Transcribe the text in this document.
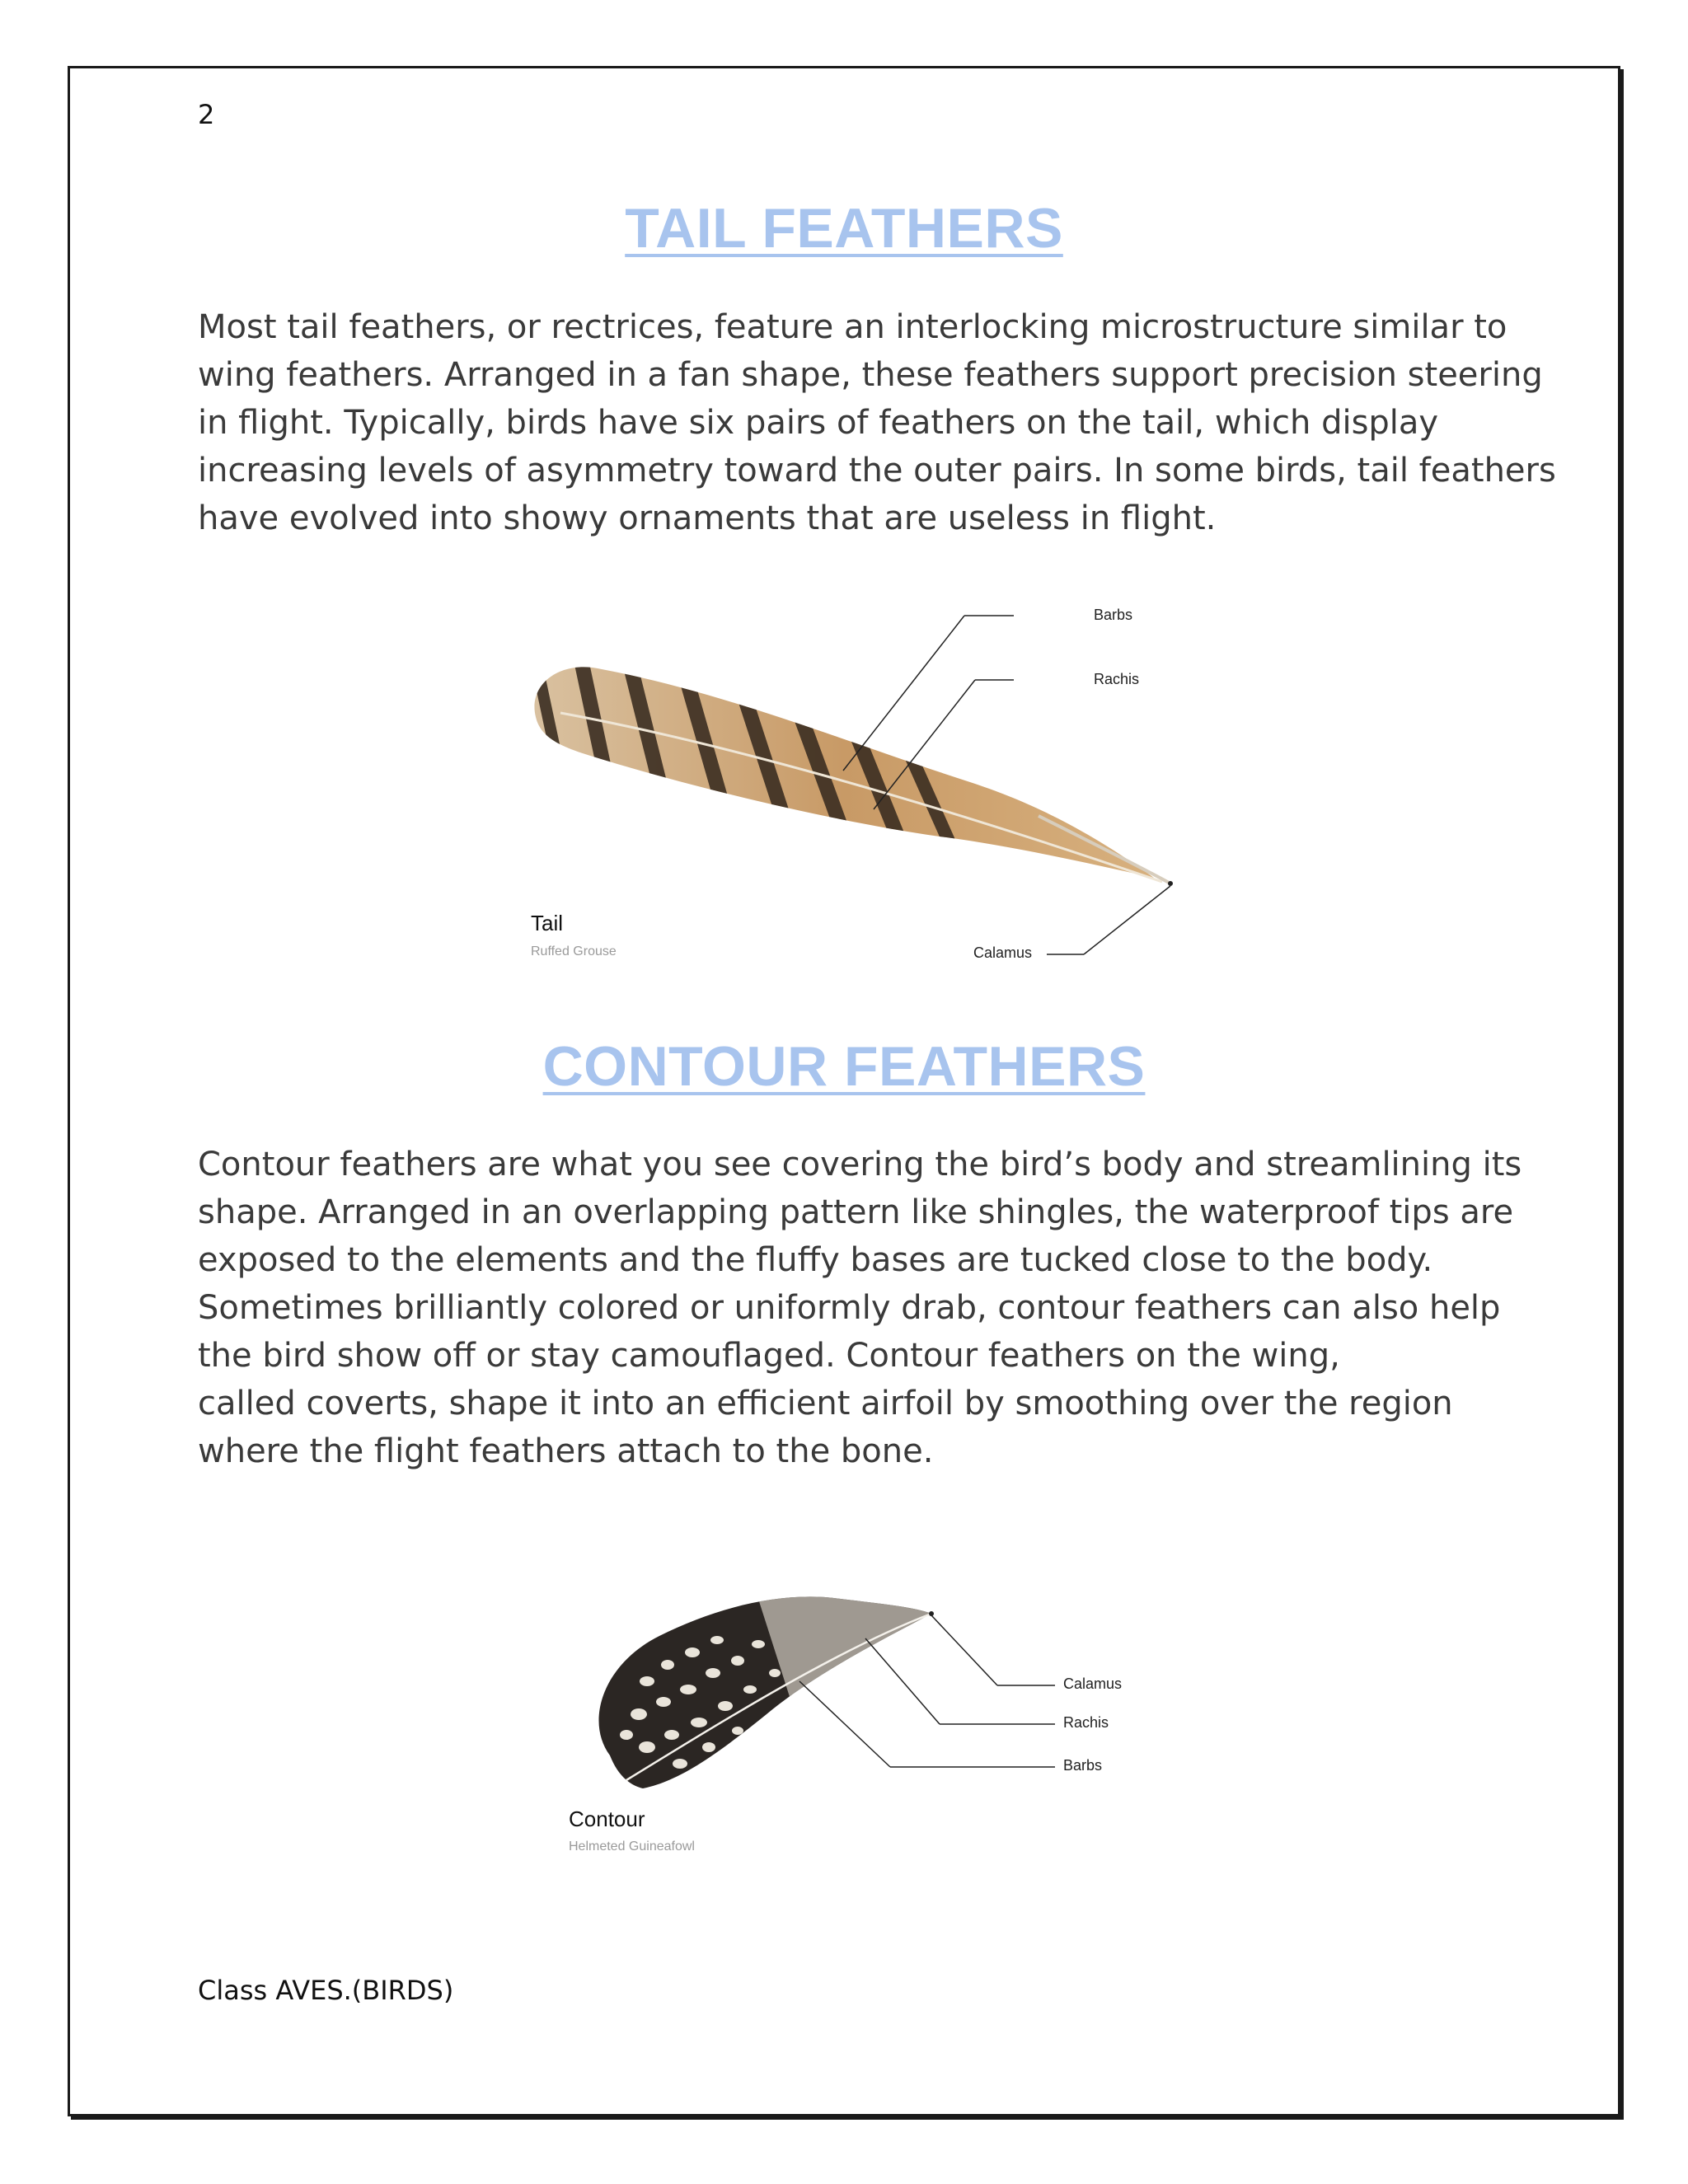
2
TAIL FEATHERS

Most tail feathers, or rectrices, feature an interlocking microstructure similar to
wing feathers. Arranged in a fan shape, these feathers support precision steering
in flight. Typically, birds have six pairs of feathers on the tail, which display
increasing levels of asymmetry toward the outer pairs. In some birds, tail feathers
have evolved into showy ornaments that are useless in flight.

Barbs
Rachis
Calamus
Tail
Ruffed Grouse
CONTOUR FEATHERS

Contour feathers are what you see covering the bird’s body and streamlining its
shape. Arranged in an overlapping pattern like shingles, the waterproof tips are
exposed to the elements and the fluffy bases are tucked close to the body.
Sometimes brilliantly colored or uniformly drab, contour feathers can also help
the bird show off or stay camouflaged. Contour feathers on the wing,
called coverts, shape it into an efficient airfoil by smoothing over the region
where the flight feathers attach to the bone.

Calamus
Rachis
Barbs
Contour
Helmeted Guineafowl
Class AVES.(BIRDS)
